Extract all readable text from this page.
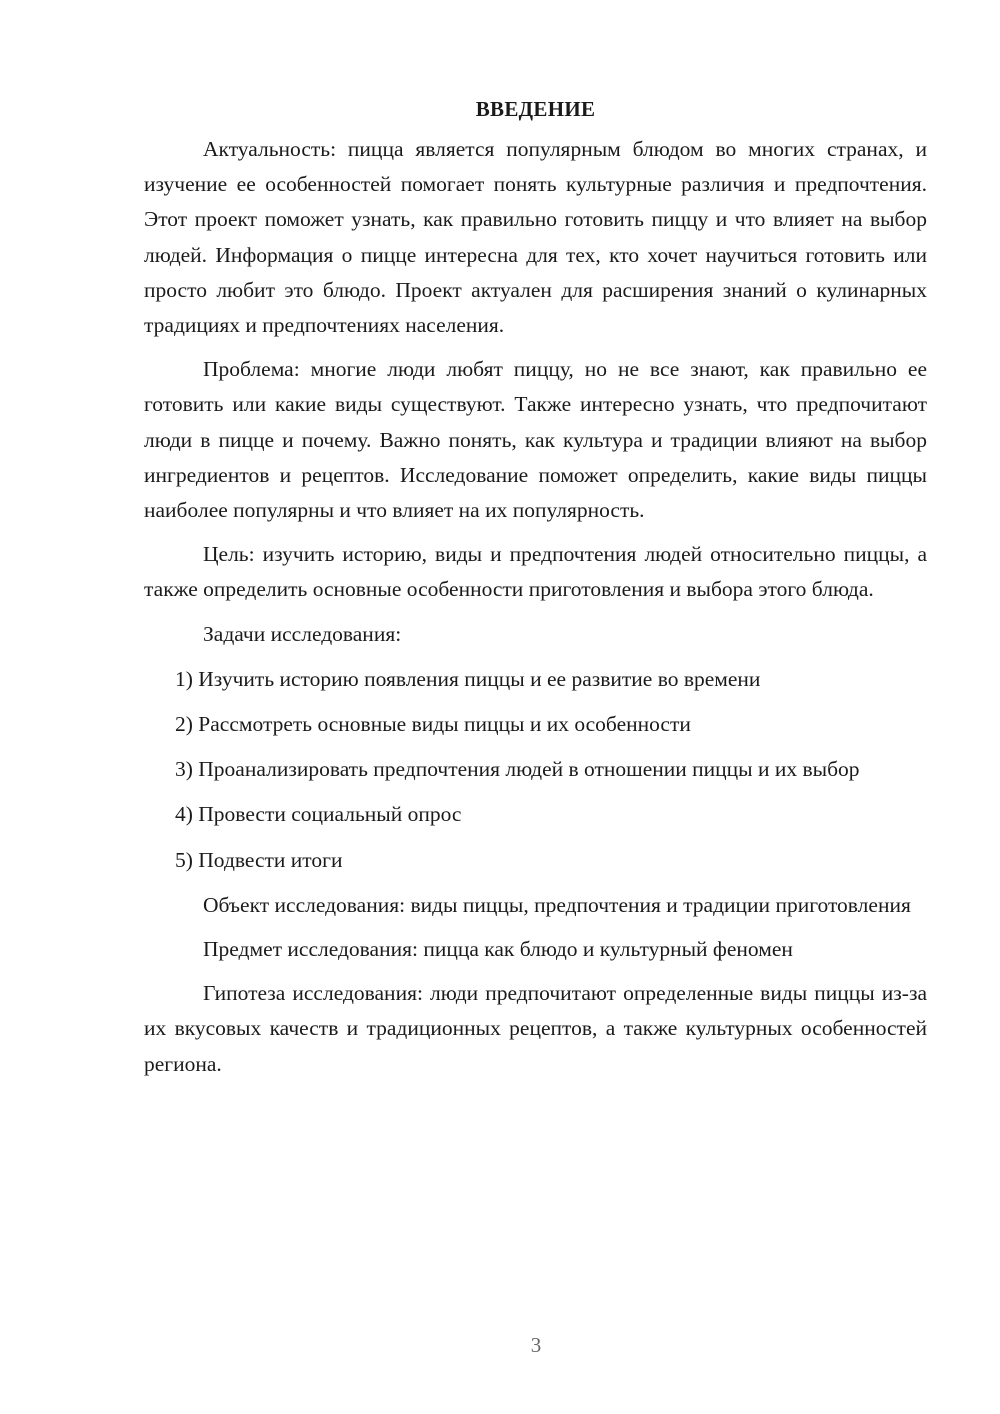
ВВЕДЕНИЕ

Актуальность: пицца является популярным блюдом во многих странах, и изучение ее особенностей помогает понять культурные различия и предпочтения. Этот проект поможет узнать, как правильно готовить пиццу и что влияет на выбор людей. Информация о пицце интересна для тех, кто хочет научиться готовить или просто любит это блюдо. Проект актуален для расширения знаний о кулинарных традициях и предпочтениях населения.

Проблема: многие люди любят пиццу, но не все знают, как правильно ее готовить или какие виды существуют. Также интересно узнать, что предпочитают люди в пицце и почему. Важно понять, как культура и традиции влияют на выбор ингредиентов и рецептов. Исследование поможет определить, какие виды пиццы наиболее популярны и что влияет на их популярность.

Цель: изучить историю, виды и предпочтения людей относительно пиццы, а также определить основные особенности приготовления и выбора этого блюда.

Задачи исследования:

1) Изучить историю появления пиццы и ее развитие во времени

2) Рассмотреть основные виды пиццы и их особенности

3) Проанализировать предпочтения людей в отношении пиццы и их выбор

4) Провести социальный опрос

5) Подвести итоги

Объект исследования: виды пиццы, предпочтения и традиции приготовления

Предмет исследования: пицца как блюдо и культурный феномен

Гипотеза исследования: люди предпочитают определенные виды пиццы из-за их вкусовых качеств и традиционных рецептов, а также культурных особенностей региона.

3
